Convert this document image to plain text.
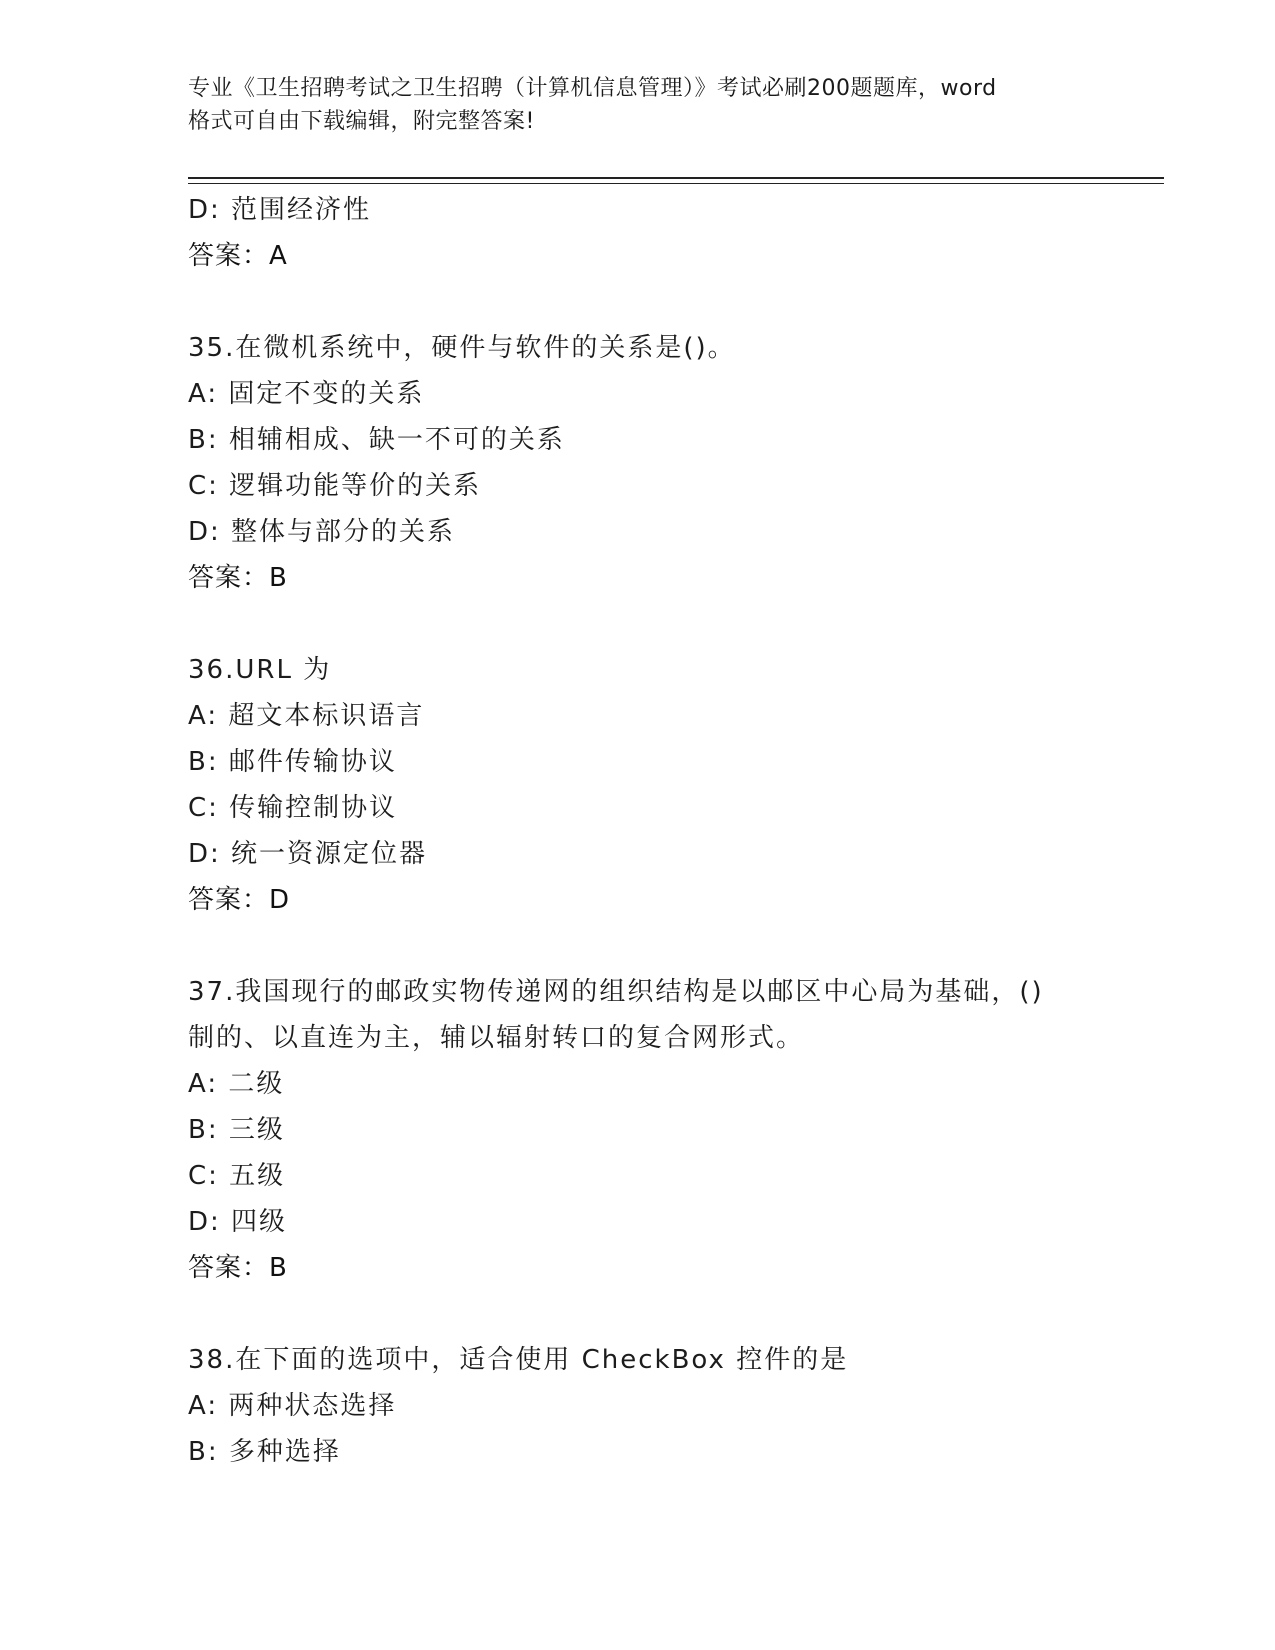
专业《卫生招聘考试之卫生招聘（计算机信息管理）》考试必刷200题题库，word
格式可自由下载编辑，附完整答案!
D: 范围经济性
答案：A
35.在微机系统中，硬件与软件的关系是()。
A: 固定不变的关系
B: 相辅相成、缺一不可的关系
C: 逻辑功能等价的关系
D: 整体与部分的关系
答案：B
36.URL 为
A: 超文本标识语言
B: 邮件传输协议
C: 传输控制协议
D: 统一资源定位器
答案：D
37.我国现行的邮政实物传递网的组织结构是以邮区中心局为基础，()
制的、以直连为主，辅以辐射转口的复合网形式。
A: 二级
B: 三级
C: 五级
D: 四级
答案：B
38.在下面的选项中，适合使用 CheckBox 控件的是
A: 两种状态选择
B: 多种选择
